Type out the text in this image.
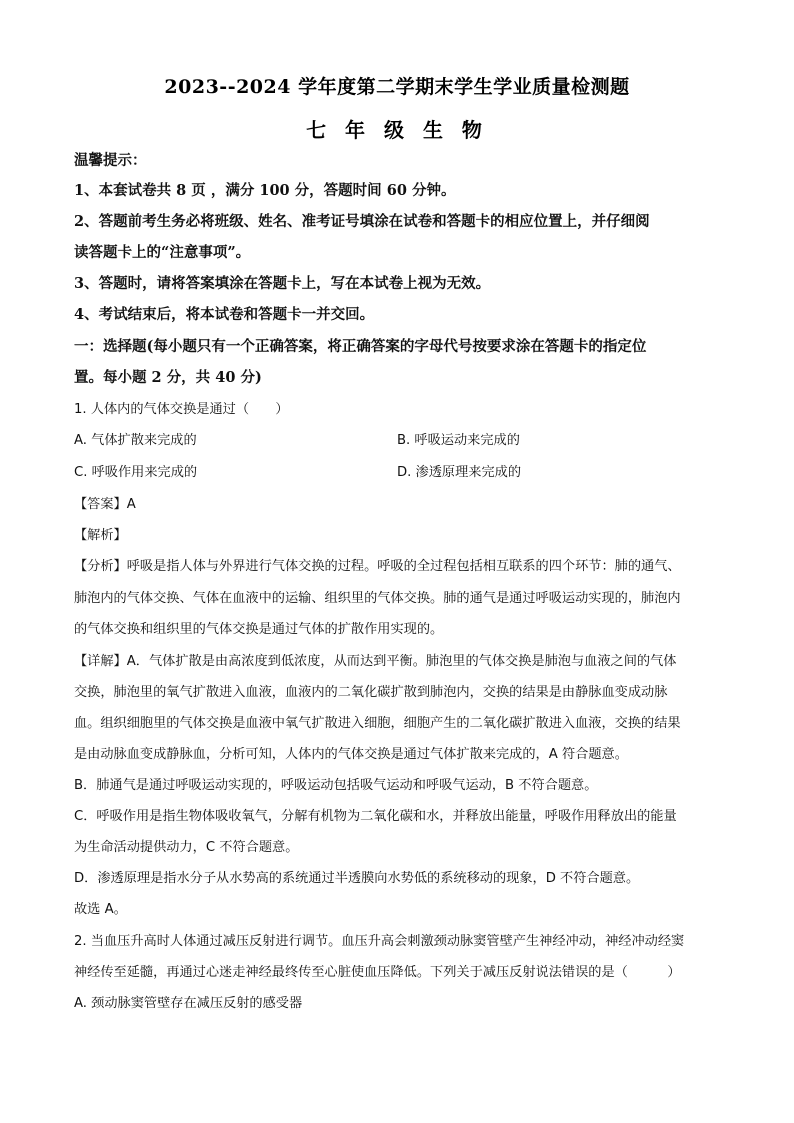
2023--2024 学年度第二学期末学生学业质量检测题
七 年 级 生 物
温馨提示：
1、本套试卷共 8 页 ，满分 100 分，答题时间 60 分钟。
2、答题前考生务必将班级、姓名、准考证号填涂在试卷和答题卡的相应位置上，并仔细阅
读答题卡上的“注意事项”。
3、答题时，请将答案填涂在答题卡上，写在本试卷上视为无效。
4、考试结束后，将本试卷和答题卡一并交回。
一：选择题(每小题只有一个正确答案，将正确答案的字母代号按要求涂在答题卡的指定位
置。每小题 2 分，共 40 分)
1. 人体内的气体交换是通过（　　）
A. 气体扩散来完成的	B. 呼吸运动来完成的
C. 呼吸作用来完成的	D. 渗透原理来完成的
【答案】A
【解析】
【分析】呼吸是指人体与外界进行气体交换的过程。呼吸的全过程包括相互联系的四个环节：肺的通气、
肺泡内的气体交换、气体在血液中的运输、组织里的气体交换。肺的通气是通过呼吸运动实现的，肺泡内
的气体交换和组织里的气体交换是通过气体的扩散作用实现的。
【详解】A．气体扩散是由高浓度到低浓度，从而达到平衡。肺泡里的气体交换是肺泡与血液之间的气体
交换，肺泡里的氧气扩散进入血液，血液内的二氧化碳扩散到肺泡内，交换的结果是由静脉血变成动脉
血。组织细胞里的气体交换是血液中氧气扩散进入细胞，细胞产生的二氧化碳扩散进入血液，交换的结果
是由动脉血变成静脉血，分析可知，人体内的气体交换是通过气体扩散来完成的，A 符合题意。
B．肺通气是通过呼吸运动实现的，呼吸运动包括吸气运动和呼吸气运动，B 不符合题意。
C．呼吸作用是指生物体吸收氧气，分解有机物为二氧化碳和水，并释放出能量，呼吸作用释放出的能量
为生命活动提供动力，C 不符合题意。
D．渗透原理是指水分子从水势高的系统通过半透膜向水势低的系统移动的现象，D 不符合题意。
故选 A。
2. 当血压升高时人体通过减压反射进行调节。血压升高会刺激颈动脉窦管壁产生神经冲动，神经冲动经窦
神经传至延髓，再通过心迷走神经最终传至心脏使血压降低。下列关于减压反射说法错误的是（　　　）
A. 颈动脉窦管壁存在减压反射的感受器
